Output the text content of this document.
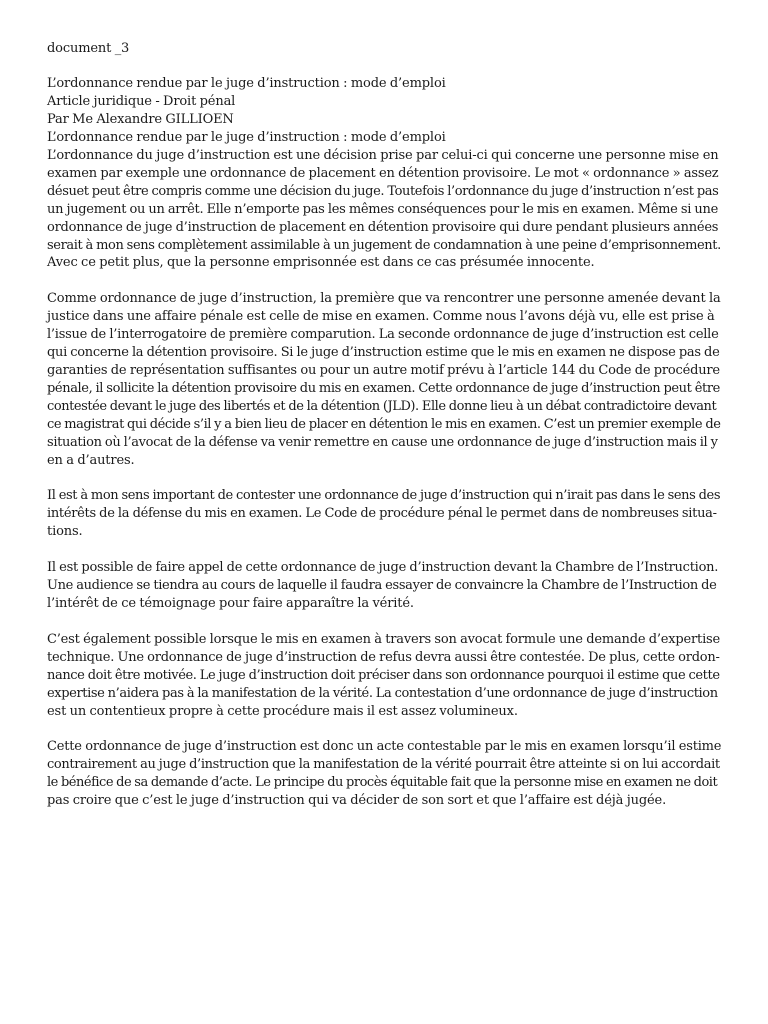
document _3
L’ordonnance rendue par le juge d’instruction : mode d’emploi
Article juridique - Droit pénal
Par Me Alexandre GILLIOEN
L’ordonnance rendue par le juge d’instruction : mode d’emploi
L’ordonnance du juge d’instruction est une décision prise par celui-ci qui concerne une personne mise en
examen par exemple une ordonnance de placement en détention provisoire. Le mot « ordonnance » assez
désuet peut être compris comme une décision du juge. Toutefois l’ordonnance du juge d’instruction n’est pas
un jugement ou un arrêt. Elle n’emporte pas les mêmes conséquences pour le mis en examen. Même si une
ordonnance de juge d’instruction de placement en détention provisoire qui dure pendant plusieurs années
serait à mon sens complètement assimilable à un jugement de condamnation à une peine d’emprisonnement.
Avec ce petit plus, que la personne emprisonnée est dans ce cas présumée innocente.
Comme ordonnance de juge d’instruction, la première que va rencontrer une personne amenée devant la
justice dans une affaire pénale est celle de mise en examen. Comme nous l’avons déjà vu, elle est prise à
l’issue de l’interrogatoire de première comparution. La seconde ordonnance de juge d’instruction est celle
qui concerne la détention provisoire. Si le juge d’instruction estime que le mis en examen ne dispose pas de
garanties de représentation suffisantes ou pour un autre motif prévu à l’article 144 du Code de procédure
pénale, il sollicite la détention provisoire du mis en examen. Cette ordonnance de juge d’instruction peut être
contestée devant le juge des libertés et de la détention (JLD). Elle donne lieu à un débat contradictoire devant
ce magistrat qui décide s’il y a bien lieu de placer en détention le mis en examen. C’est un premier exemple de
situation où l’avocat de la défense va venir remettre en cause une ordonnance de juge d’instruction mais il y
en a d’autres.
Il est à mon sens important de contester une ordonnance de juge d’instruction qui n’irait pas dans le sens des
intérêts de la défense du mis en examen. Le Code de procédure pénal le permet dans de nombreuses situa-
tions.
Il est possible de faire appel de cette ordonnance de juge d’instruction devant la Chambre de l’Instruction.
Une audience se tiendra au cours de laquelle il faudra essayer de convaincre la Chambre de l’Instruction de
l’intérêt de ce témoignage pour faire apparaître la vérité.
C’est également possible lorsque le mis en examen à travers son avocat formule une demande d’expertise
technique. Une ordonnance de juge d’instruction de refus devra aussi être contestée. De plus, cette ordon-
nance doit être motivée. Le juge d’instruction doit préciser dans son ordonnance pourquoi il estime que cette
expertise n’aidera pas à la manifestation de la vérité. La contestation d’une ordonnance de juge d’instruction
est un contentieux propre à cette procédure mais il est assez volumineux.
Cette ordonnance de juge d’instruction est donc un acte contestable par le mis en examen lorsqu’il estime
contrairement au juge d’instruction que la manifestation de la vérité pourrait être atteinte si on lui accordait
le bénéfice de sa demande d’acte. Le principe du procès équitable fait que la personne mise en examen ne doit
pas croire que c’est le juge d’instruction qui va décider de son sort et que l’affaire est déjà jugée.
